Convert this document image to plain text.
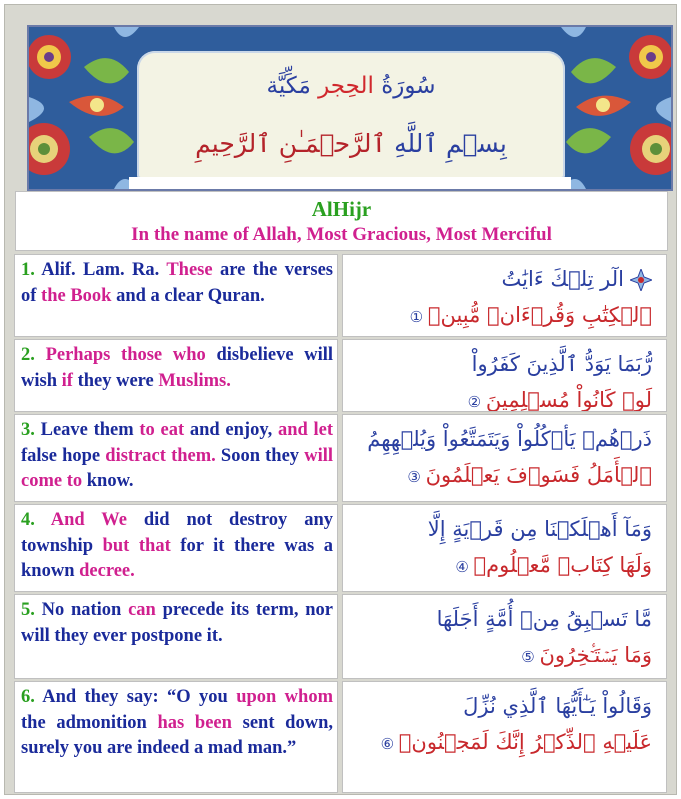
سُورَةُ الحِجر مَكِّيَّة
بِسۡمِ ٱللَّهِ ٱلرَّحۡمَـٰنِ ٱلرَّحِيمِ
AlHijr
In the name of Allah, Most Gracious, Most Merciful
1. Alif. Lam. Ra. These are the verses of the Book and a clear Quran.
الٓر تِلۡكَ ءَايَٰتُ
ٱلۡكِتَٰبِ وَقُرۡءَانٖ مُّبِينٖ ①
2. Perhaps those who disbelieve will wish if they were Muslims.
رُّبَمَا يَوَدُّ ٱلَّذِينَ كَفَرُواْ
لَوۡ كَانُواْ مُسۡلِمِينَ ②
3. Leave them to eat and enjoy, and let false hope distract them. Soon they will come to know.
ذَرۡهُمۡ يَأۡكُلُواْ وَيَتَمَتَّعُواْ وَيُلۡهِهِمُ
ٱلۡأَمَلُ فَسَوۡفَ يَعۡلَمُونَ ③
4. And We did not destroy any township but that for it there was a known decree.
وَمَآ أَهۡلَكۡنَا مِن قَرۡيَةٍ إِلَّا
وَلَهَا كِتَابٞ مَّعۡلُومٞ ④
5. No nation can precede its term, nor will they ever postpone it.
مَّا تَسۡبِقُ مِنۡ أُمَّةٍ أَجَلَهَا
وَمَا يَسۡتَـٔۡخِرُونَ ⑤
6. And they say: “O you upon whom the admonition has been sent down, surely you are indeed a mad man.”
وَقَالُواْ يَـٰٓأَيُّهَا ٱلَّذِي نُزِّلَ
عَلَيۡهِ ٱلذِّكۡرُ إِنَّكَ لَمَجۡنُونٞ ⑥
